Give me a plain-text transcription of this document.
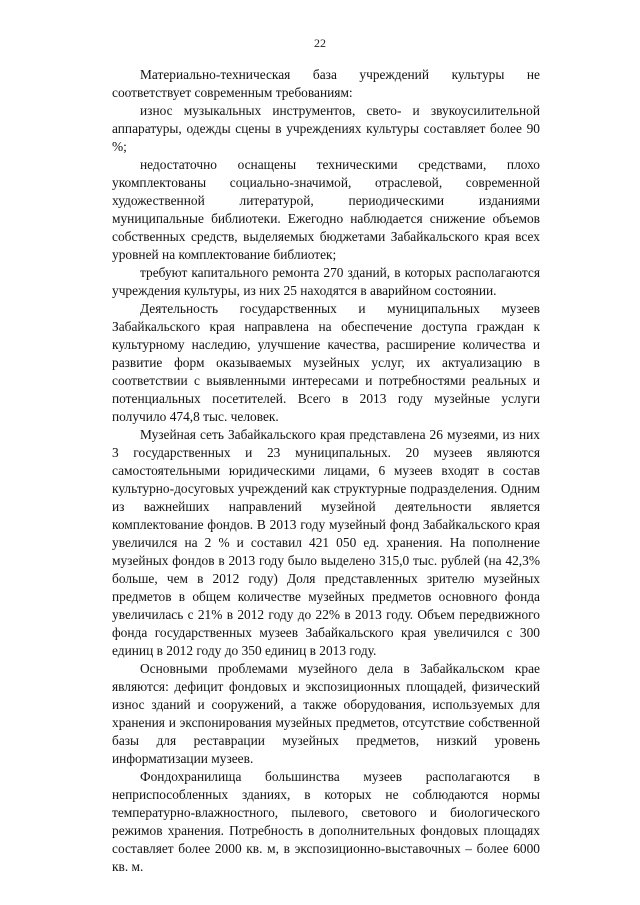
22

Материально-техническая база учреждений культуры не соответствует современным требованиям:

износ музыкальных инструментов, свето- и звукоусилительной аппаратуры, одежды сцены в учреждениях культуры составляет более 90 %;

недостаточно оснащены техническими средствами, плохо укомплектованы социально-значимой, отраслевой, современной художественной литературой, периодическими изданиями муниципальные библиотеки. Ежегодно наблюдается снижение объемов собственных средств, выделяемых бюджетами Забайкальского края всех уровней на комплектование библиотек;

требуют капитального ремонта 270 зданий, в которых располагаются учреждения культуры, из них 25 находятся в аварийном состоянии.

Деятельность государственных и муниципальных музеев Забайкальского края направлена на обеспечение доступа граждан к культурному наследию, улучшение качества, расширение количества и развитие форм оказываемых музейных услуг, их актуализацию в соответствии с выявленными интересами и потребностями реальных и потенциальных посетителей. Всего в 2013 году музейные услуги получило 474,8 тыс. человек.

Музейная сеть Забайкальского края представлена 26 музеями, из них 3 государственных и 23 муниципальных. 20 музеев являются самостоятельными юридическими лицами, 6 музеев входят в состав культурно-досуговых учреждений как структурные подразделения. Одним из важнейших направлений музейной деятельности является комплектование фондов. В 2013 году музейный фонд Забайкальского края увеличился на 2 % и составил 421 050 ед. хранения. На пополнение музейных фондов в 2013 году было выделено 315,0 тыс. рублей (на 42,3% больше, чем в 2012 году) Доля представленных зрителю музейных предметов в общем количестве музейных предметов основного фонда увеличилась с 21% в 2012 году до 22% в 2013 году. Объем передвижного фонда государственных музеев Забайкальского края увеличился с 300 единиц в 2012 году до 350 единиц в 2013 году.

Основными проблемами музейного дела в Забайкальском крае являются: дефицит фондовых и экспозиционных площадей, физический износ зданий и сооружений, а также оборудования, используемых для хранения и экспонирования музейных предметов, отсутствие собственной базы для реставрации музейных предметов, низкий уровень информатизации музеев.

Фондохранилища большинства музеев располагаются в неприспособленных зданиях, в которых не соблюдаются нормы температурно-влажностного, пылевого, светового и биологического режимов хранения. Потребность в дополнительных фондовых площадях составляет более 2000 кв. м, в экспозиционно-выставочных – более 6000 кв. м.
